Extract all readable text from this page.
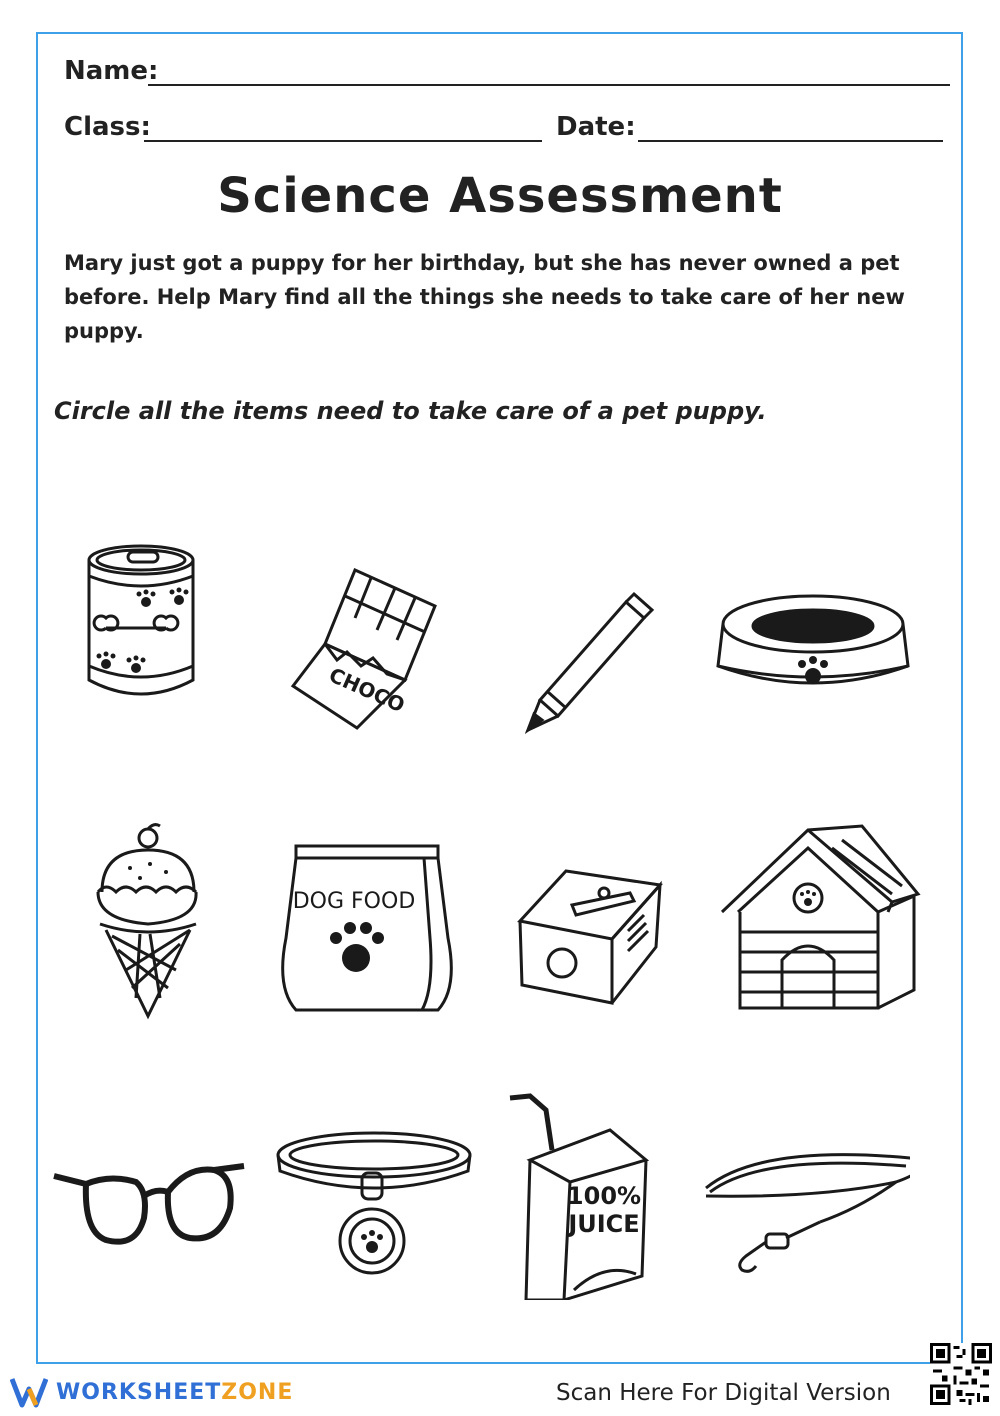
Name:
Class:	Date:
Science Assessment
Mary just got a puppy for her birthday, but she has never owned a pet before. Help Mary find all the things she needs to take care of her new puppy.
Circle all the items need to take care of a pet puppy.
CHOCO
DOG FOOD
100%
JUICE
WORKSHEETZONE	Scan Here For Digital Version
